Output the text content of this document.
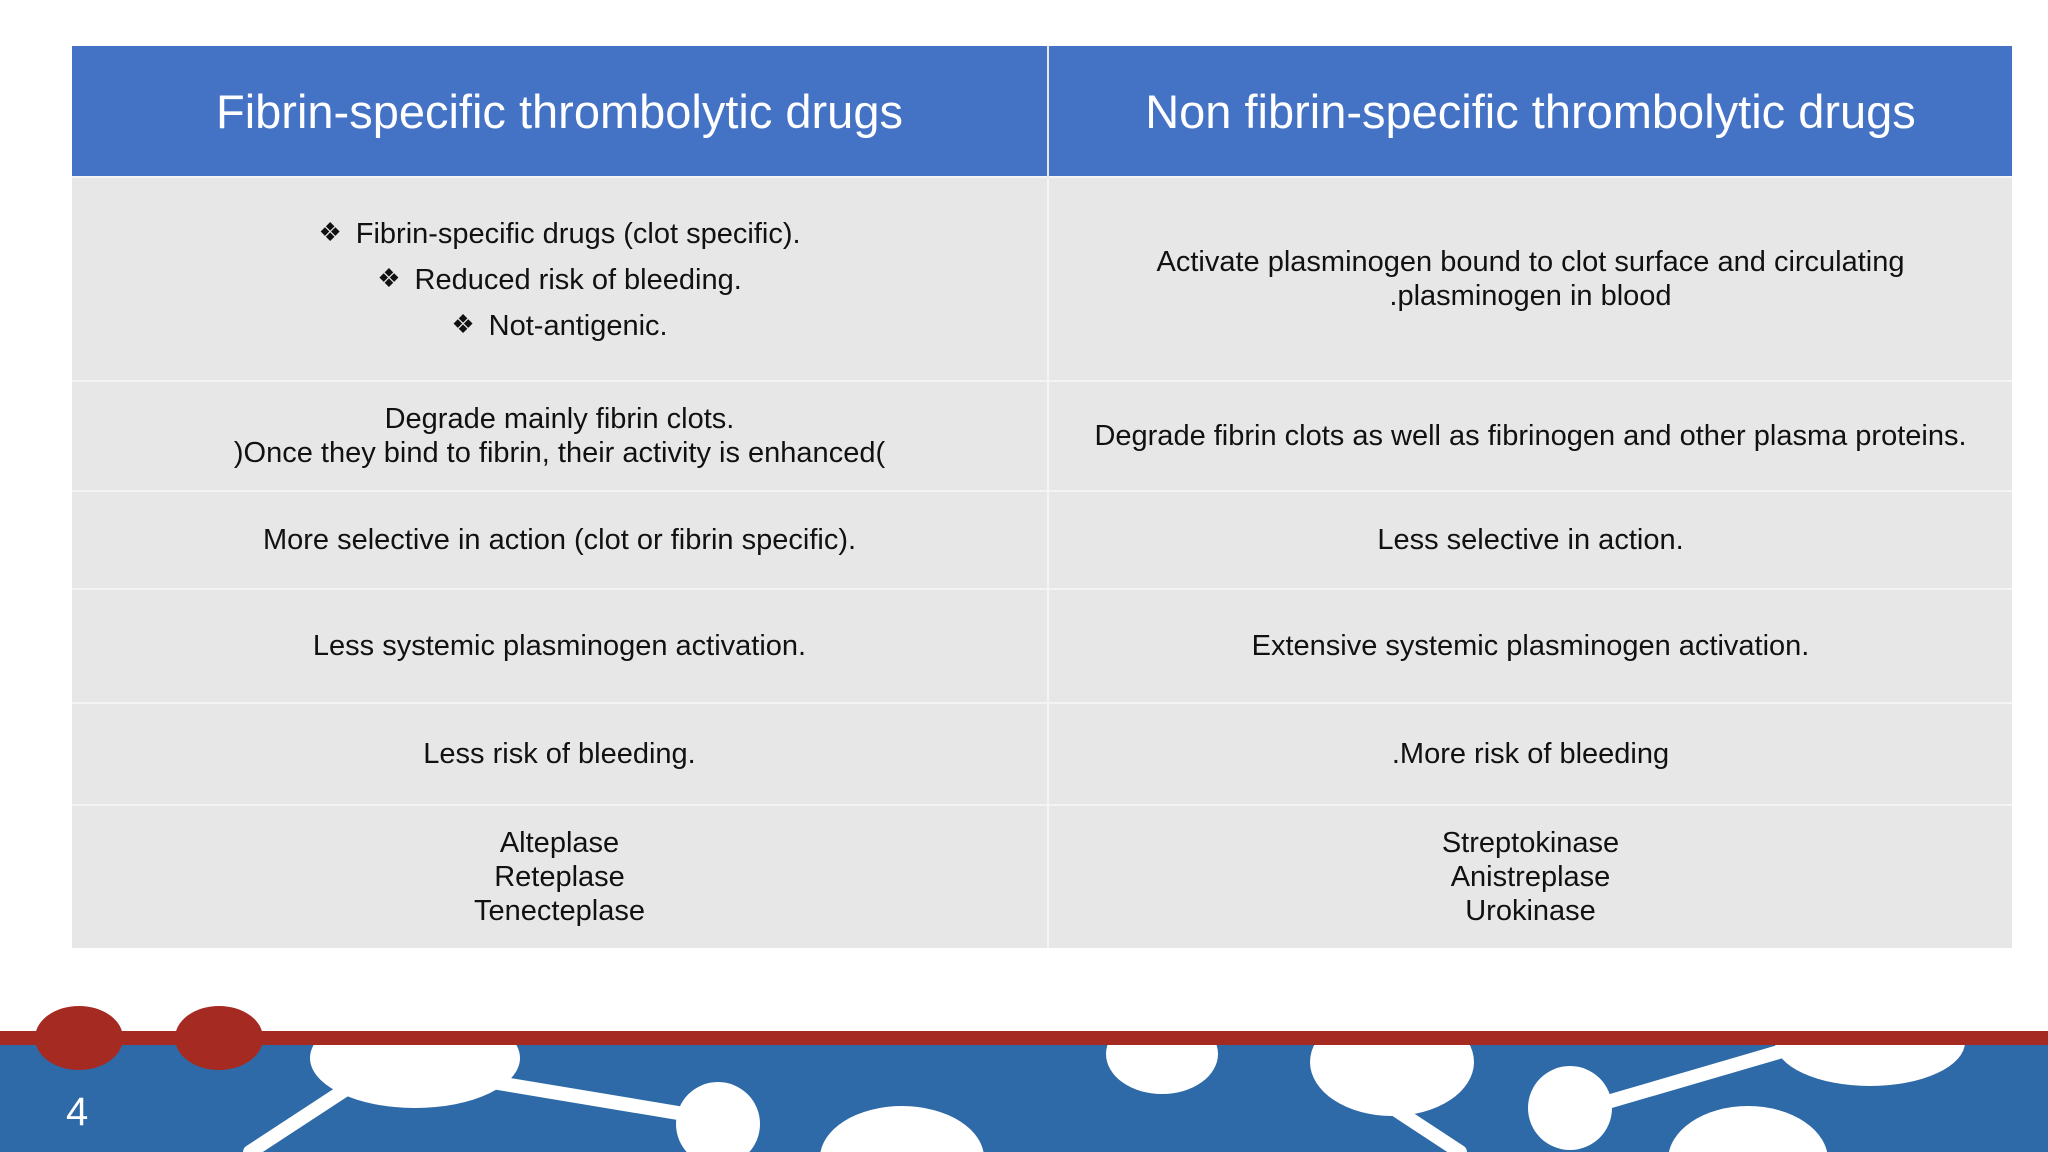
Fibrin-specific thrombolytic drugs	Non fibrin-specific thrombolytic drugs

❖ Fibrin-specific drugs (clot specific).
❖ Reduced risk of bleeding.
❖ Not-antigenic.	Activate plasminogen bound to clot surface and circulating
.plasminogen in blood

Degrade mainly fibrin clots.
)Once they bind to fibrin, their activity is enhanced(	Degrade fibrin clots as well as fibrinogen and other plasma proteins.

More selective in action (clot or fibrin specific).	Less selective in action.

Less systemic plasminogen activation.	Extensive systemic plasminogen activation.

Less risk of bleeding.	.More risk of bleeding

Alteplase
Reteplase
Tenecteplase	Streptokinase
Anistreplase
Urokinase
4
